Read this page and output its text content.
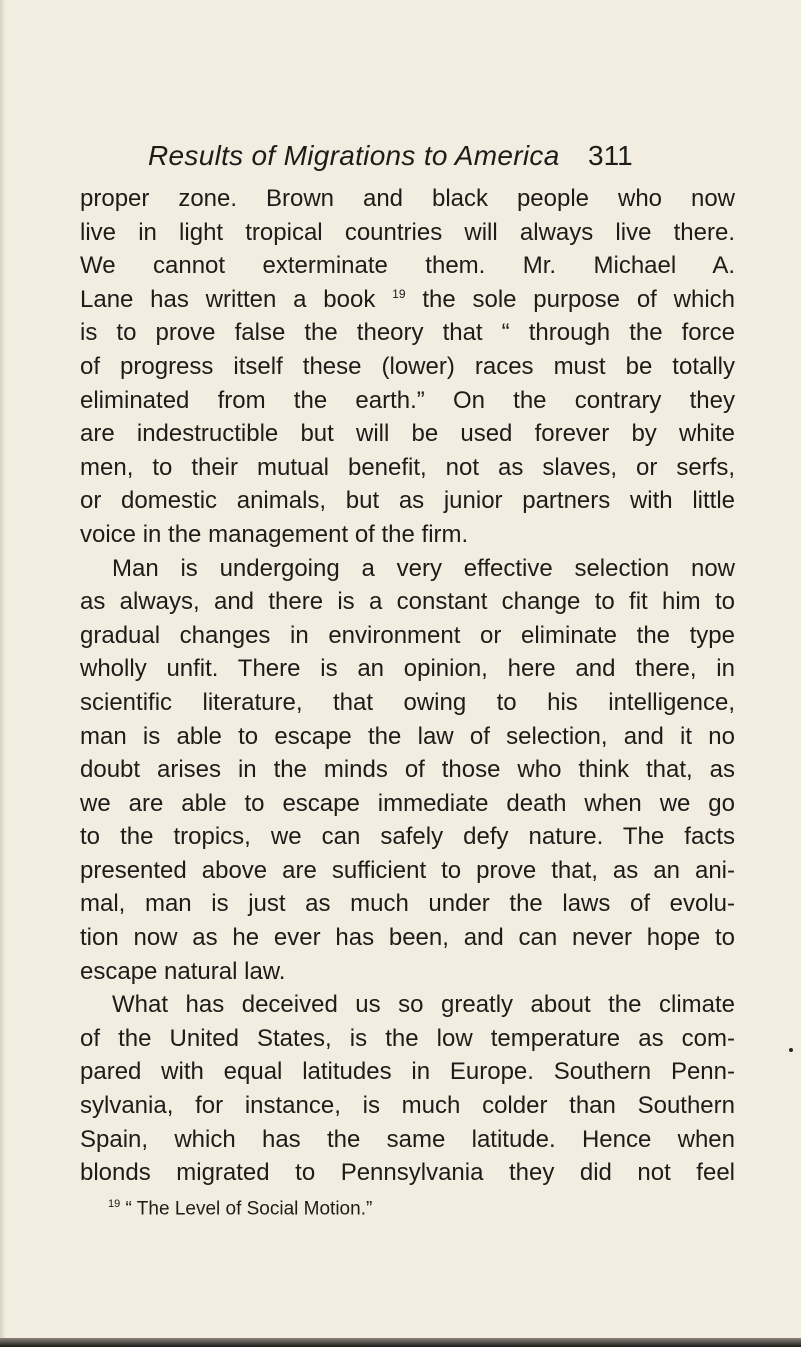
Results of Migrations to America 311
proper zone. Brown and black people who now
live in light tropical countries will always live there.
We cannot exterminate them. Mr. Michael A.
Lane has written a book $^{19}$ the sole purpose of which
is to prove false the theory that “ through the force
of progress itself these (lower) races must be totally
eliminated from the earth.” On the contrary they
are indestructible but will be used forever by white
men, to their mutual benefit, not as slaves, or serfs,
or domestic animals, but as junior partners with little
voice in the management of the firm.
Man is undergoing a very effective selection now
as always, and there is a constant change to fit him to
gradual changes in environment or eliminate the type
wholly unfit. There is an opinion, here and there, in
scientific literature, that owing to his intelligence,
man is able to escape the law of selection, and it no
doubt arises in the minds of those who think that, as
we are able to escape immediate death when we go
to the tropics, we can safely defy nature. The facts
presented above are sufficient to prove that, as an ani-
mal, man is just as much under the laws of evolu-
tion now as he ever has been, and can never hope to
escape natural law.
What has deceived us so greatly about the climate
of the United States, is the low temperature as com-
pared with equal latitudes in Europe. Southern Penn-
sylvania, for instance, is much colder than Southern
Spain, which has the same latitude. Hence when
blonds migrated to Pennsylvania they did not feel
$^{19}$ “ The Level of Social Motion.”
